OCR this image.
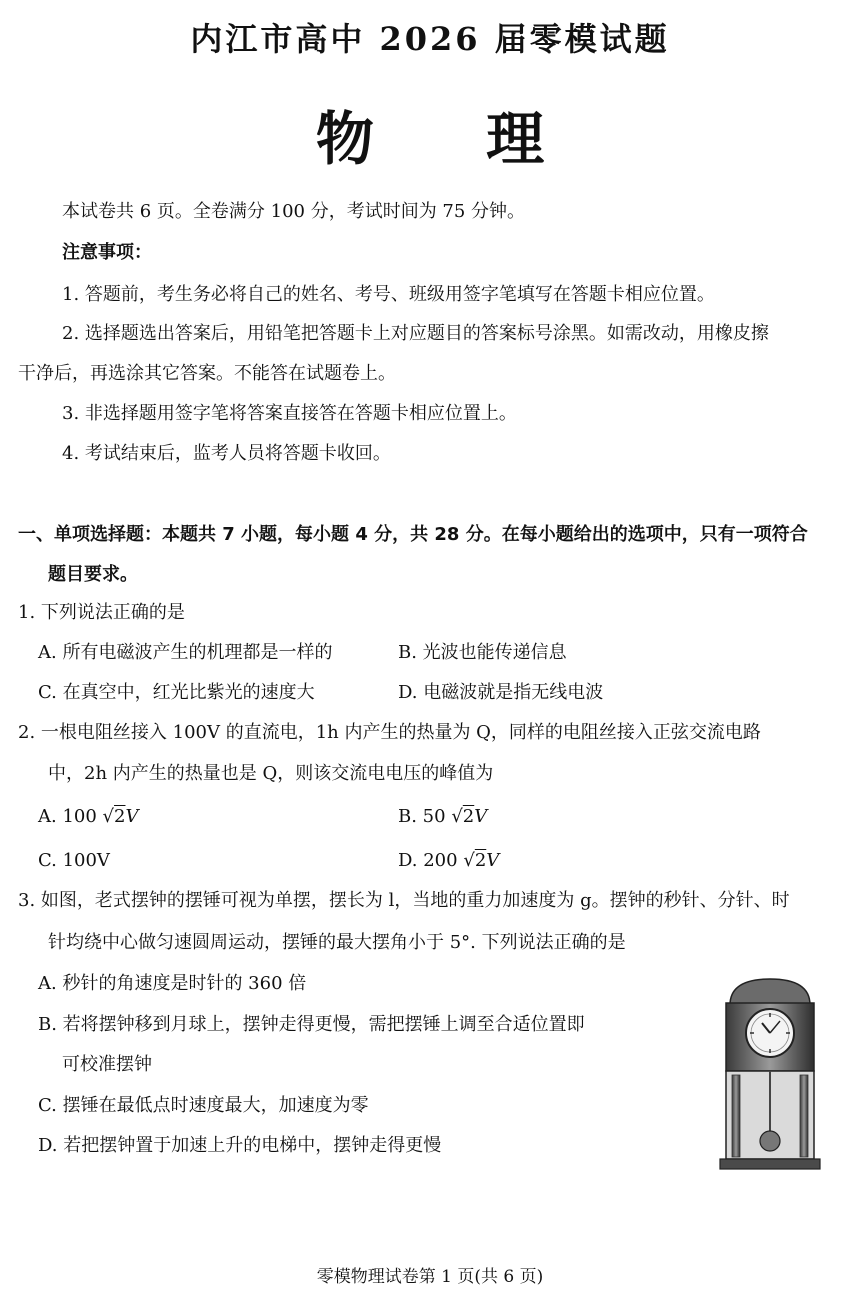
内江市高中 2026 届零模试题
物 理
本试卷共 6 页。全卷满分 100 分，考试时间为 75 分钟。
注意事项：
1. 答题前，考生务必将自己的姓名、考号、班级用签字笔填写在答题卡相应位置。
2. 选择题选出答案后，用铅笔把答题卡上对应题目的答案标号涂黑。如需改动，用橡皮擦
干净后，再选涂其它答案。不能答在试题卷上。
3. 非选择题用签字笔将答案直接答在答题卡相应位置上。
4. 考试结束后，监考人员将答题卡收回。
一、单项选择题：本题共 7 小题，每小题 4 分，共 28 分。在每小题给出的选项中，只有一项符合
题目要求。
1. 下列说法正确的是
A. 所有电磁波产生的机理都是一样的	B. 光波也能传递信息
C. 在真空中，红光比紫光的速度大	D. 电磁波就是指无线电波
2. 一根电阻丝接入 100V 的直流电，1h 内产生的热量为 Q，同样的电阻丝接入正弦交流电路
中，2h 内产生的热量也是 Q，则该交流电电压的峰值为
A. 100 √2V	B. 50 √2V
C. 100V	D. 200 √2V
3. 如图，老式摆钟的摆锤可视为单摆，摆长为 l，当地的重力加速度为 g。摆钟的秒针、分针、时
针均绕中心做匀速圆周运动，摆锤的最大摆角小于 5°. 下列说法正确的是
A. 秒针的角速度是时针的 360 倍
B. 若将摆钟移到月球上，摆钟走得更慢，需把摆锤上调至合适位置即
可校准摆钟
C. 摆锤在最低点时速度最大，加速度为零
D. 若把摆钟置于加速上升的电梯中，摆钟走得更慢
零模物理试卷第 1 页(共 6 页)
